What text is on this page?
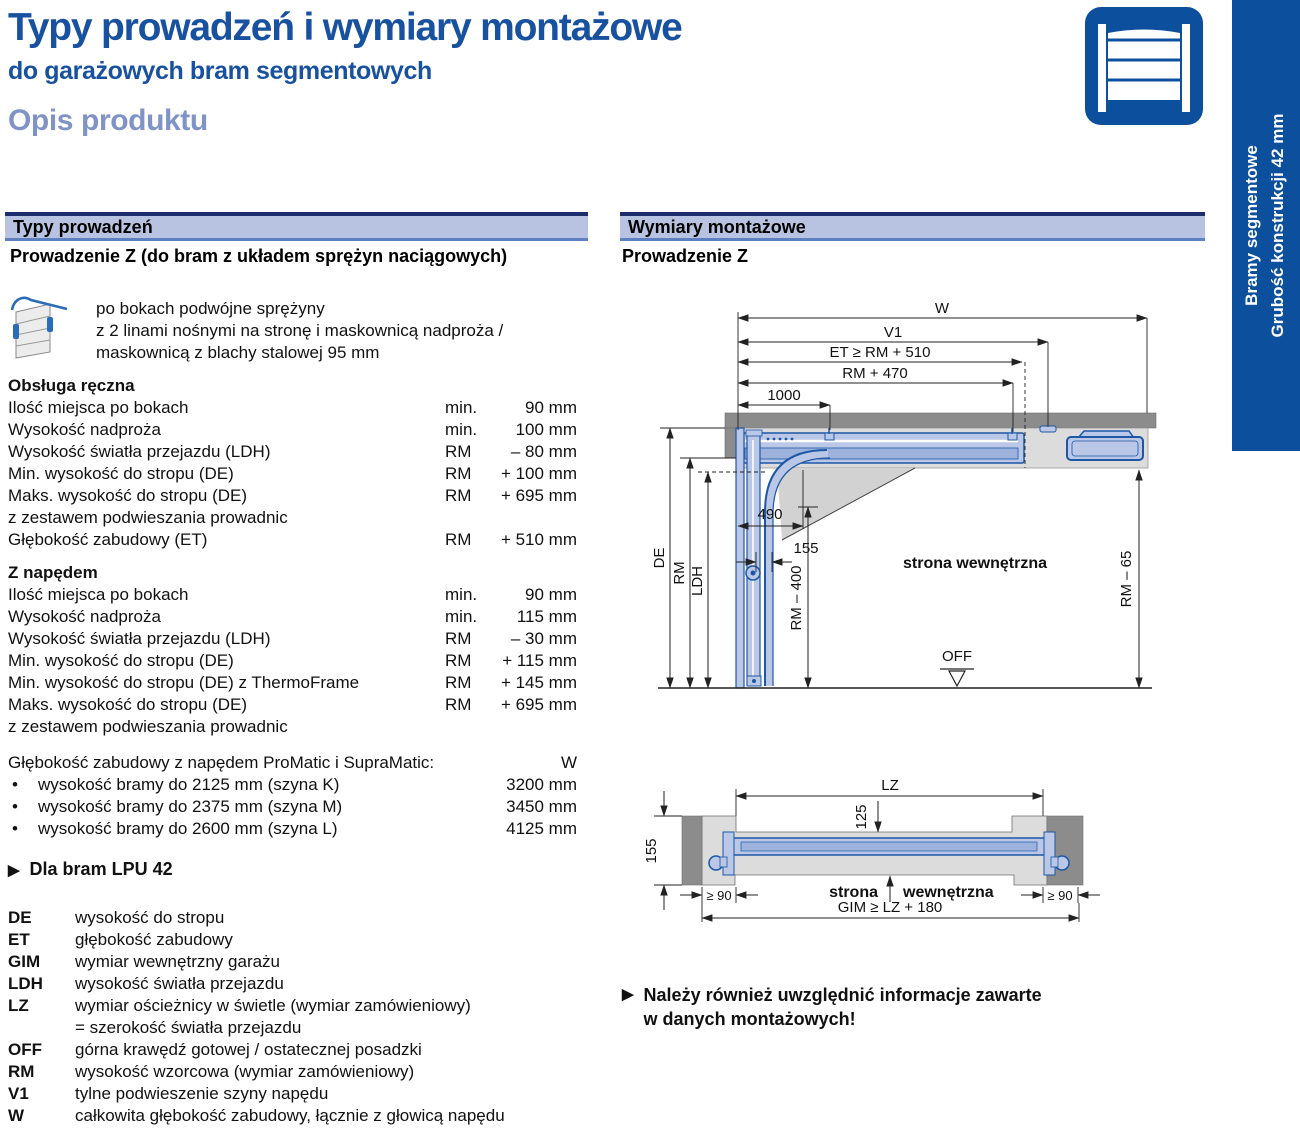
Typy prowadzeń i wymiary montażowe
do garażowych bram segmentowych
Opis produktu
Bramy segmentowe Grubość konstrukcji 42 mm
Typy prowadzeń
Prowadzenie Z (do bram z układem sprężyn naciągowych)
po bokach podwójne sprężyny
z 2 linami nośnymi na stronę i maskownicą nadproża /
maskownicą z blachy stalowej 95 mm
Obsługa ręczna
Ilość miejsca po bokach	min.	90 mm
Wysokość nadproża	min. 100 mm
Wysokość światła przejazdu (LDH)	RM – 80 mm
Min. wysokość do stropu (DE)	RM + 100 mm
Maks. wysokość do stropu (DE)	RM + 695 mm
z zestawem podwieszania prowadnic
Głębokość zabudowy (ET)	RM + 510 mm
Z napędem
Ilość miejsca po bokach	min.	90 mm
Wysokość nadproża	min. 115 mm
Wysokość światła przejazdu (LDH)	RM – 30 mm
Min. wysokość do stropu (DE)	RM + 115 mm
Min. wysokość do stropu (DE) z ThermoFrame	RM + 145 mm
Maks. wysokość do stropu (DE)	RM + 695 mm
z zestawem podwieszania prowadnic
Głębokość zabudowy z napędem ProMatic i SupraMatic:	W
• wysokość bramy do 2125 mm (szyna K)	3200 mm
• wysokość bramy do 2375 mm (szyna M)	3450 mm
• wysokość bramy do 2600 mm (szyna L)	4125 mm
▶ Dla bram LPU 42
DE	wysokość do stropu
ET	głębokość zabudowy
GIM wymiar wewnętrzny garażu
LDH wysokość światła przejazdu
LZ	wymiar ościeżnicy w świetle (wymiar zamówieniowy)
= szerokość światła przejazdu
OFF górna krawędź gotowej / ostatecznej posadzki
RM wysokość wzorcowa (wymiar zamówieniowy)
V1	tylne podwieszenie szyny napędu
W	całkowita głębokość zabudowy, łącznie z głowicą napędu
Wymiary montażowe
Prowadzenie Z
W
V1
ET ≥ RM + 510
RM + 470
1000
DE
RM LDH
490
155
RM – 400	RM – 65
strona wewnętrzna
OFF
LZ
125
155
≥ 90	≥ 90
GIM ≥ LZ + 180
strona wewnętrzna
▶ Należy również uwzględnić informacje zawarte
w danych montażowych!
